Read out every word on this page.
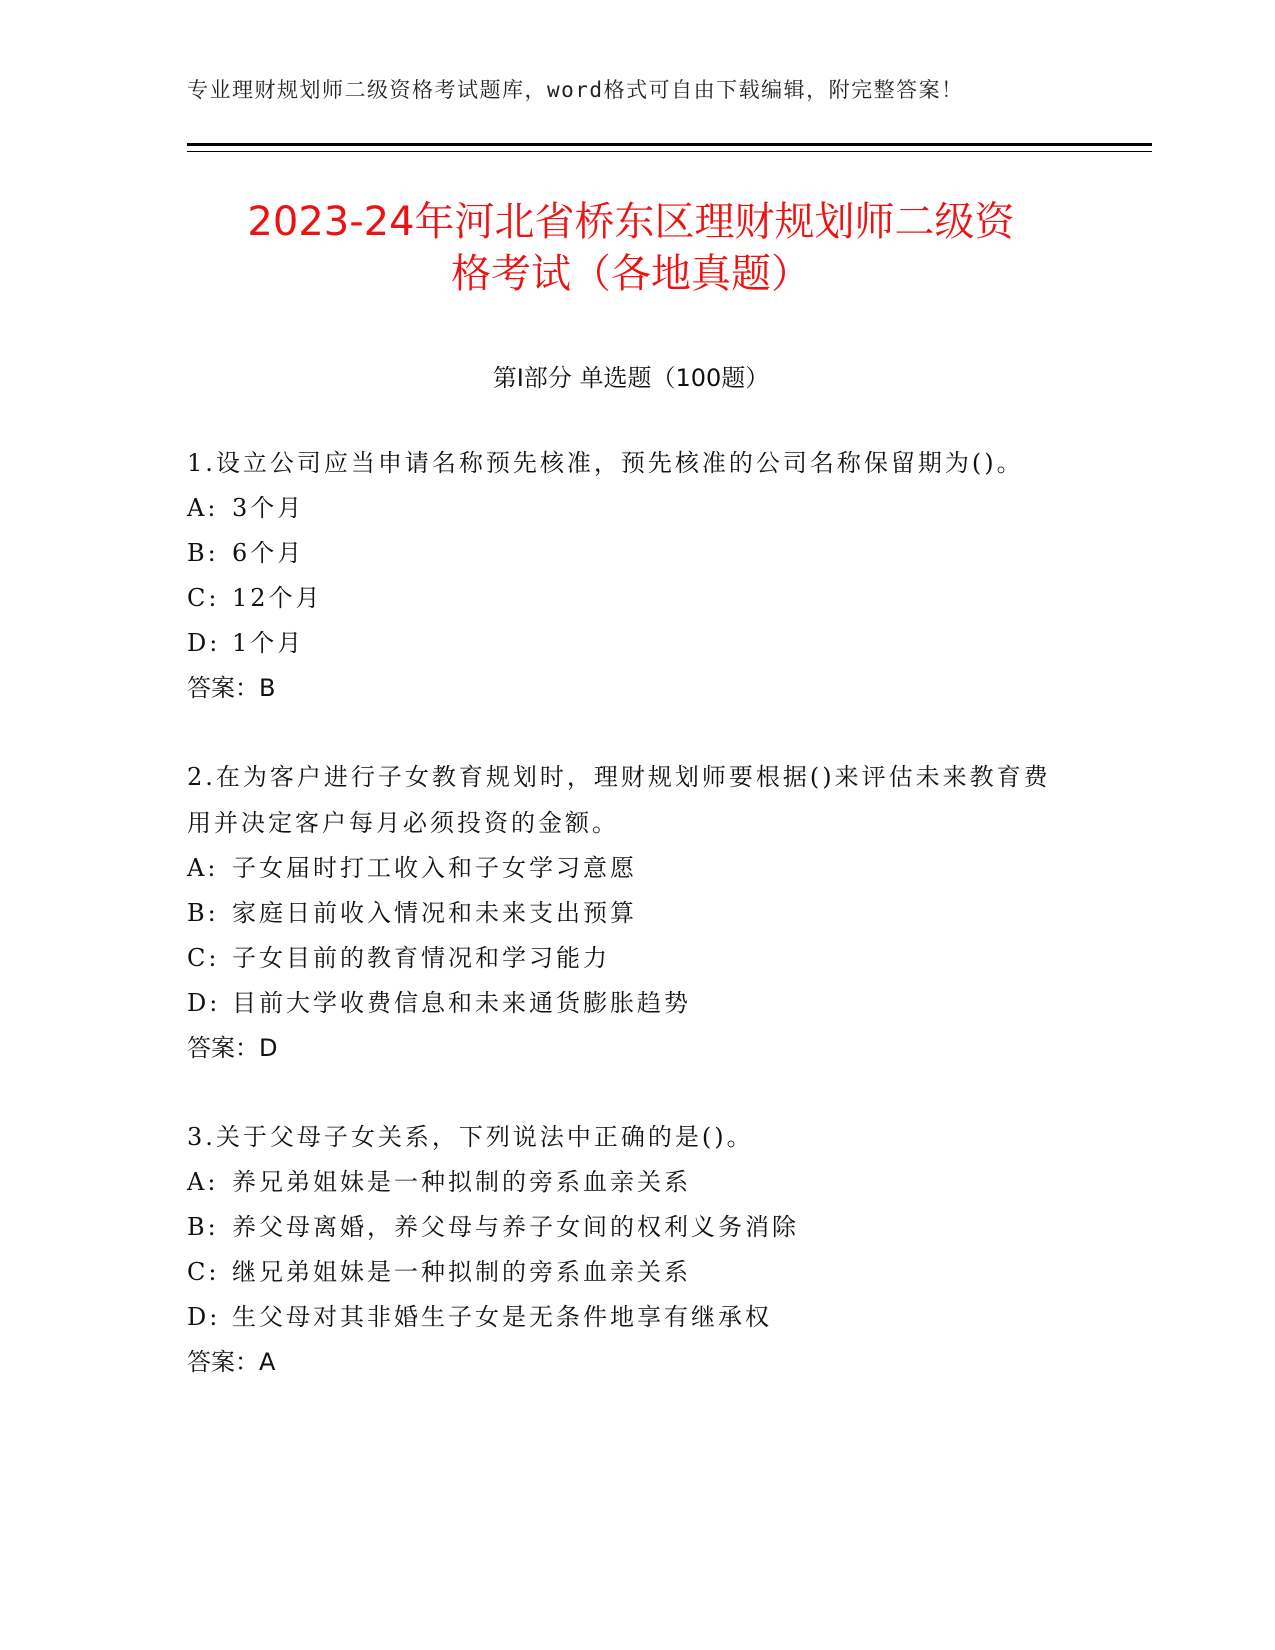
专业理财规划师二级资格考试题库，word格式可自由下载编辑，附完整答案！
2023-24年河北省桥东区理财规划师二级资
格考试（各地真题）
第Ⅰ部分 单选题（100题）

1.设立公司应当申请名称预先核准，预先核准的公司名称保留期为()。

A: 3个月

B: 6个月

C: 12个月

D: 1个月

答案：B

2.在为客户进行子女教育规划时，理财规划师要根据()来评估未来教育费用并决定客户每月必须投资的金额。

A: 子女届时打工收入和子女学习意愿

B: 家庭日前收入情况和未来支出预算

C: 子女目前的教育情况和学习能力

D: 目前大学收费信息和未来通货膨胀趋势

答案：D

3.关于父母子女关系，下列说法中正确的是()。

A: 养兄弟姐妹是一种拟制的旁系血亲关系

B: 养父母离婚，养父母与养子女间的权利义务消除

C: 继兄弟姐妹是一种拟制的旁系血亲关系

D: 生父母对其非婚生子女是无条件地享有继承权

答案：A
